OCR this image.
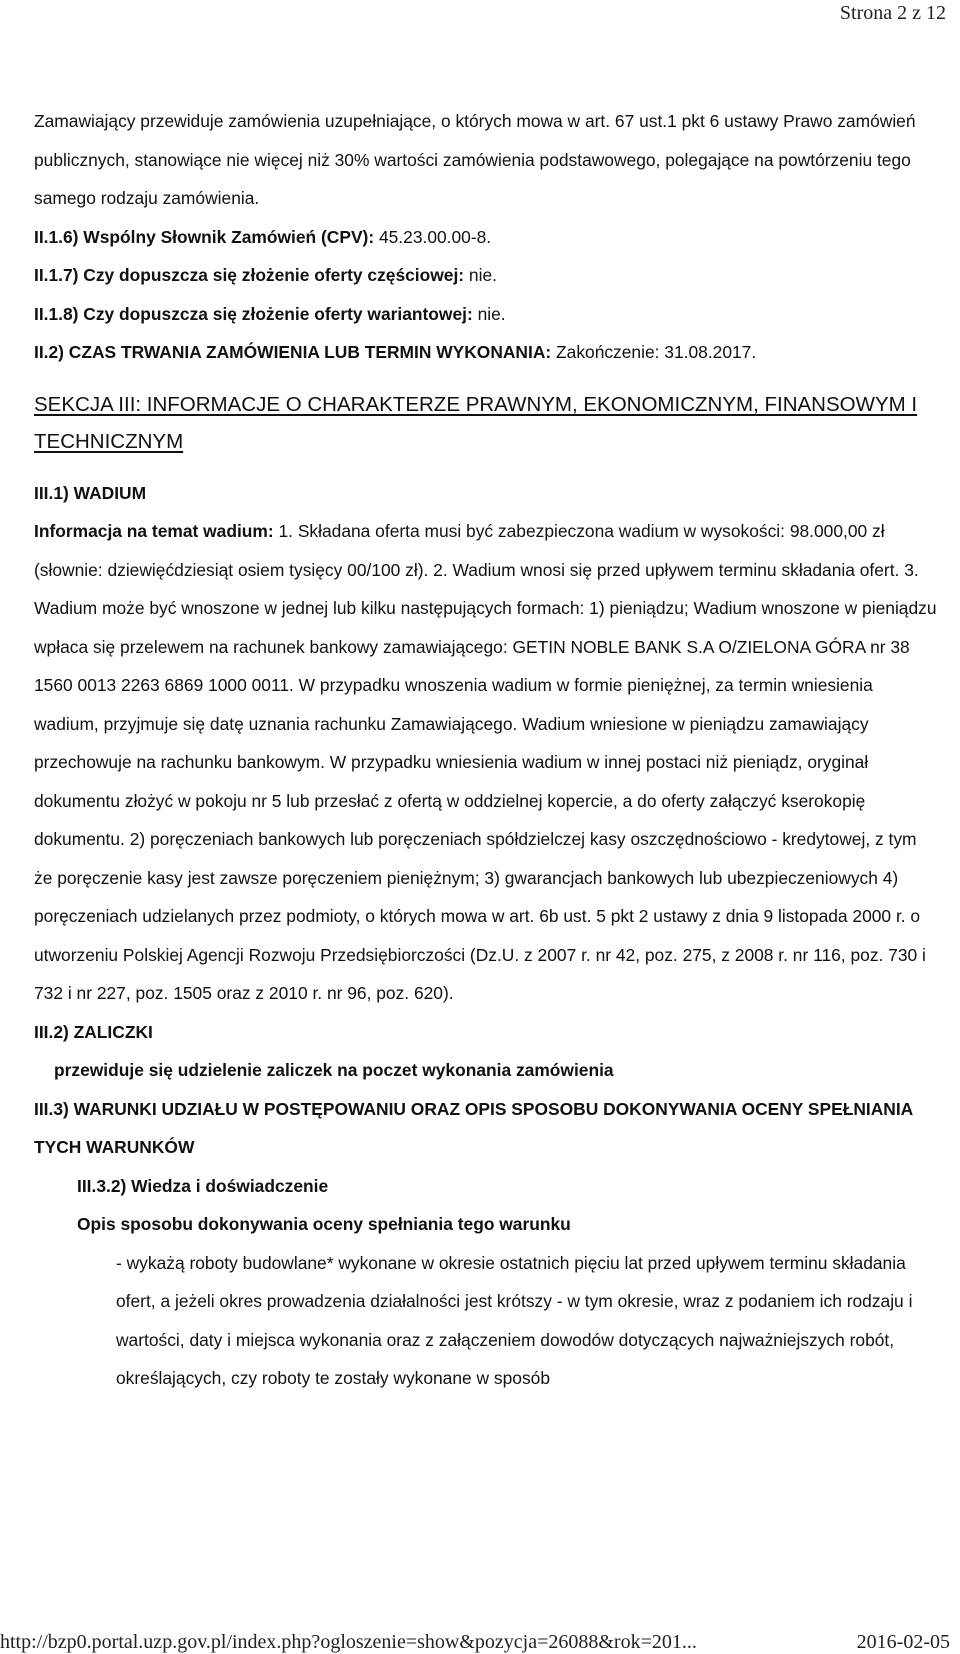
Strona 2 z 12

Zamawiający przewiduje zamówienia uzupełniające, o których mowa w art. 67 ust.1 pkt 6 ustawy Prawo zamówień publicznych, stanowiące nie więcej niż 30% wartości zamówienia podstawowego, polegające na powtórzeniu tego samego rodzaju zamówienia.

II.1.6) Wspólny Słownik Zamówień (CPV): 45.23.00.00-8.

II.1.7) Czy dopuszcza się złożenie oferty częściowej: nie.

II.1.8) Czy dopuszcza się złożenie oferty wariantowej: nie.

II.2) CZAS TRWANIA ZAMÓWIENIA LUB TERMIN WYKONANIA: Zakończenie: 31.08.2017.

SEKCJA III: INFORMACJE O CHARAKTERZE PRAWNYM, EKONOMICZNYM, FINANSOWYM I TECHNICZNYM

III.1) WADIUM

Informacja na temat wadium: 1. Składana oferta musi być zabezpieczona wadium w wysokości: 98.000,00 zł (słownie: dziewięćdziesiąt osiem tysięcy 00/100 zł). 2. Wadium wnosi się przed upływem terminu składania ofert. 3. Wadium może być wnoszone w jednej lub kilku następujących formach: 1) pieniądzu; Wadium wnoszone w pieniądzu wpłaca się przelewem na rachunek bankowy zamawiającego: GETIN NOBLE BANK S.A O/ZIELONA GÓRA nr 38 1560 0013 2263 6869 1000 0011. W przypadku wnoszenia wadium w formie pieniężnej, za termin wniesienia wadium, przyjmuje się datę uznania rachunku Zamawiającego. Wadium wniesione w pieniądzu zamawiający przechowuje na rachunku bankowym. W przypadku wniesienia wadium w innej postaci niż pieniądz, oryginał dokumentu złożyć w pokoju nr 5 lub przesłać z ofertą w oddzielnej kopercie, a do oferty załączyć kserokopię dokumentu. 2) poręczeniach bankowych lub poręczeniach spółdzielczej kasy oszczędnościowo - kredytowej, z tym że poręczenie kasy jest zawsze poręczeniem pieniężnym; 3) gwarancjach bankowych lub ubezpieczeniowych 4) poręczeniach udzielanych przez podmioty, o których mowa w art. 6b ust. 5 pkt 2 ustawy z dnia 9 listopada 2000 r. o utworzeniu Polskiej Agencji Rozwoju Przedsiębiorczości (Dz.U. z 2007 r. nr 42, poz. 275, z 2008 r. nr 116, poz. 730 i 732 i nr 227, poz. 1505 oraz z 2010 r. nr 96, poz. 620).

III.2) ZALICZKI

przewiduje się udzielenie zaliczek na poczet wykonania zamówienia

III.3) WARUNKI UDZIAŁU W POSTĘPOWANIU ORAZ OPIS SPOSOBU DOKONYWANIA OCENY SPEŁNIANIA TYCH WARUNKÓW

III.3.2) Wiedza i doświadczenie

Opis sposobu dokonywania oceny spełniania tego warunku

- wykażą roboty budowlane* wykonane w okresie ostatnich pięciu lat przed upływem terminu składania ofert, a jeżeli okres prowadzenia działalności jest krótszy - w tym okresie, wraz z podaniem ich rodzaju i wartości, daty i miejsca wykonania oraz z załączeniem dowodów dotyczących najważniejszych robót, określających, czy roboty te zostały wykonane w sposób

http://bzp0.portal.uzp.gov.pl/index.php?ogloszenie=show&pozycja=26088&rok=201...	2016-02-05
